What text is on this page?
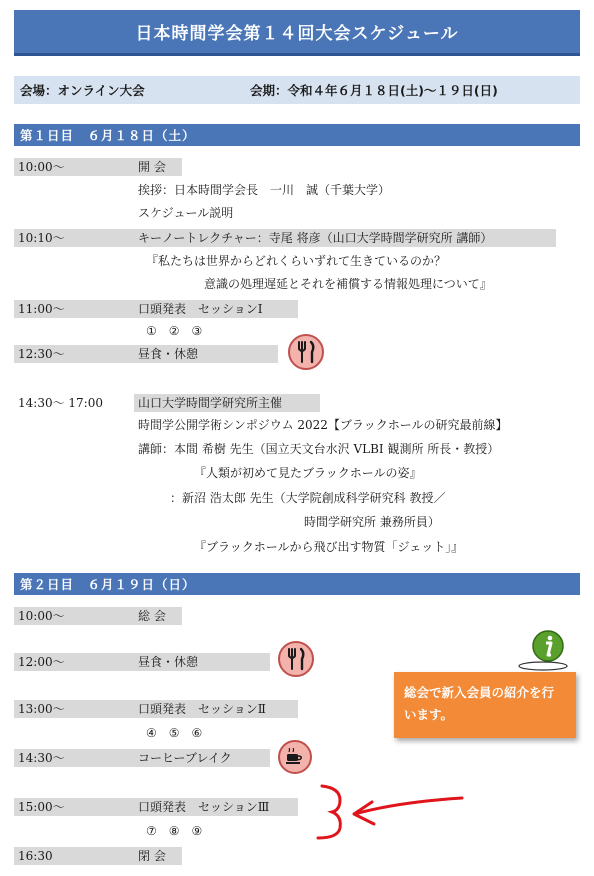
日本時間学会第１４回大会スケジュール
会場：オンライン大会	会期：令和４年６月１８日(土)〜１９日(日)
第１日目　６月１８日（土）
10:00〜	開 会
挨拶：日本時間学会長　一川　誠（千葉大学）
スケジュール説明
10:10〜	キーノートレクチャー：寺尾 将彦（山口大学時間学研究所 講師）
『私たちは世界からどれくらいずれて生きているのか？
意識の処理遅延とそれを補償する情報処理について』
11:00〜	口頭発表　セッションⅠ
①　②　③
12:30〜	昼食・休憩
14:30〜 17:00	山口大学時間学研究所主催
時間学公開学術シンポジウム 2022【ブラックホールの研究最前線】
講師：本間 希樹 先生（国立天文台水沢 VLBI 観測所 所長・教授）
『人類が初めて見たブラックホールの姿』
：新沼 浩太郎 先生（大学院創成科学研究科 教授／
時間学研究所 兼務所員）
『ブラックホールから飛び出す物質「ジェット」』
第２日目　６月１９日（日）
10:00〜	総 会
12:00〜	昼食・休憩
13:00〜	口頭発表　セッションⅡ
④　⑤　⑥
14:30〜	コーヒーブレイク
15:00〜	口頭発表　セッションⅢ
⑦　⑧　⑨
16:30	閉 会
総会で新入会員の紹介を行います。
